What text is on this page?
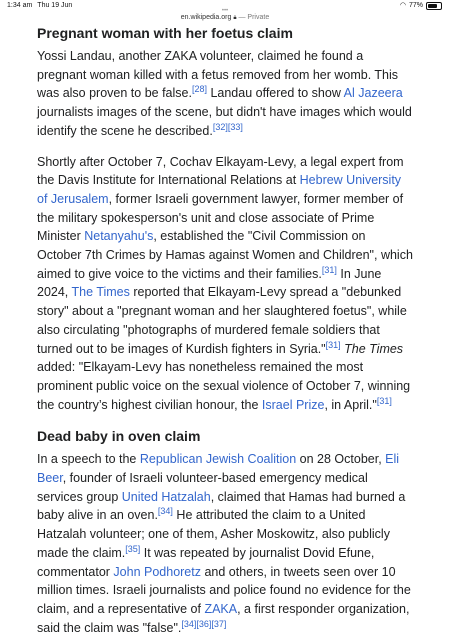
1:34 am Thu 19 Jun	◠ 77%
•••
en.wikipedia.org 🔒︎ — Private
Pregnant woman with her foetus claim

Yossi Landau, another ZAKA volunteer, claimed he found a pregnant woman killed with a fetus removed from her womb. This was also proven to be false.[28] Landau offered to show Al Jazeera journalists images of the scene, but didn't have images which would identify the scene he described.[32][33]

Shortly after October 7, Cochav Elkayam-Levy, a legal expert from the Davis Institute for International Relations at Hebrew University of Jerusalem, former Israeli government lawyer, former member of the military spokesperson's unit and close associate of Prime Minister Netanyahu's, established the "Civil Commission on October 7th Crimes by Hamas against Women and Children", which aimed to give voice to the victims and their families.[31] In June 2024, The Times reported that Elkayam-Levy spread a "debunked story" about a "pregnant woman and her slaughtered foetus", while also circulating "photographs of murdered female soldiers that turned out to be images of Kurdish fighters in Syria."[31] The Times added: "Elkayam-Levy has nonetheless remained the most prominent public voice on the sexual violence of October 7, winning the country’s highest civilian honour, the Israel Prize, in April."[31]

Dead baby in oven claim

In a speech to the Republican Jewish Coalition on 28 October, Eli Beer, founder of Israeli volunteer-based emergency medical services group United Hatzalah, claimed that Hamas had burned a baby alive in an oven.[34] He attributed the claim to a United Hatzalah volunteer; one of them, Asher Moskowitz, also publicly made the claim.[35] It was repeated by journalist Dovid Efune, commentator John Podhoretz and others, in tweets seen over 10 million times. Israeli journalists and police found no evidence for the claim, and a representative of ZAKA, a first responder organization, said the claim was "false".[34][36][37]
